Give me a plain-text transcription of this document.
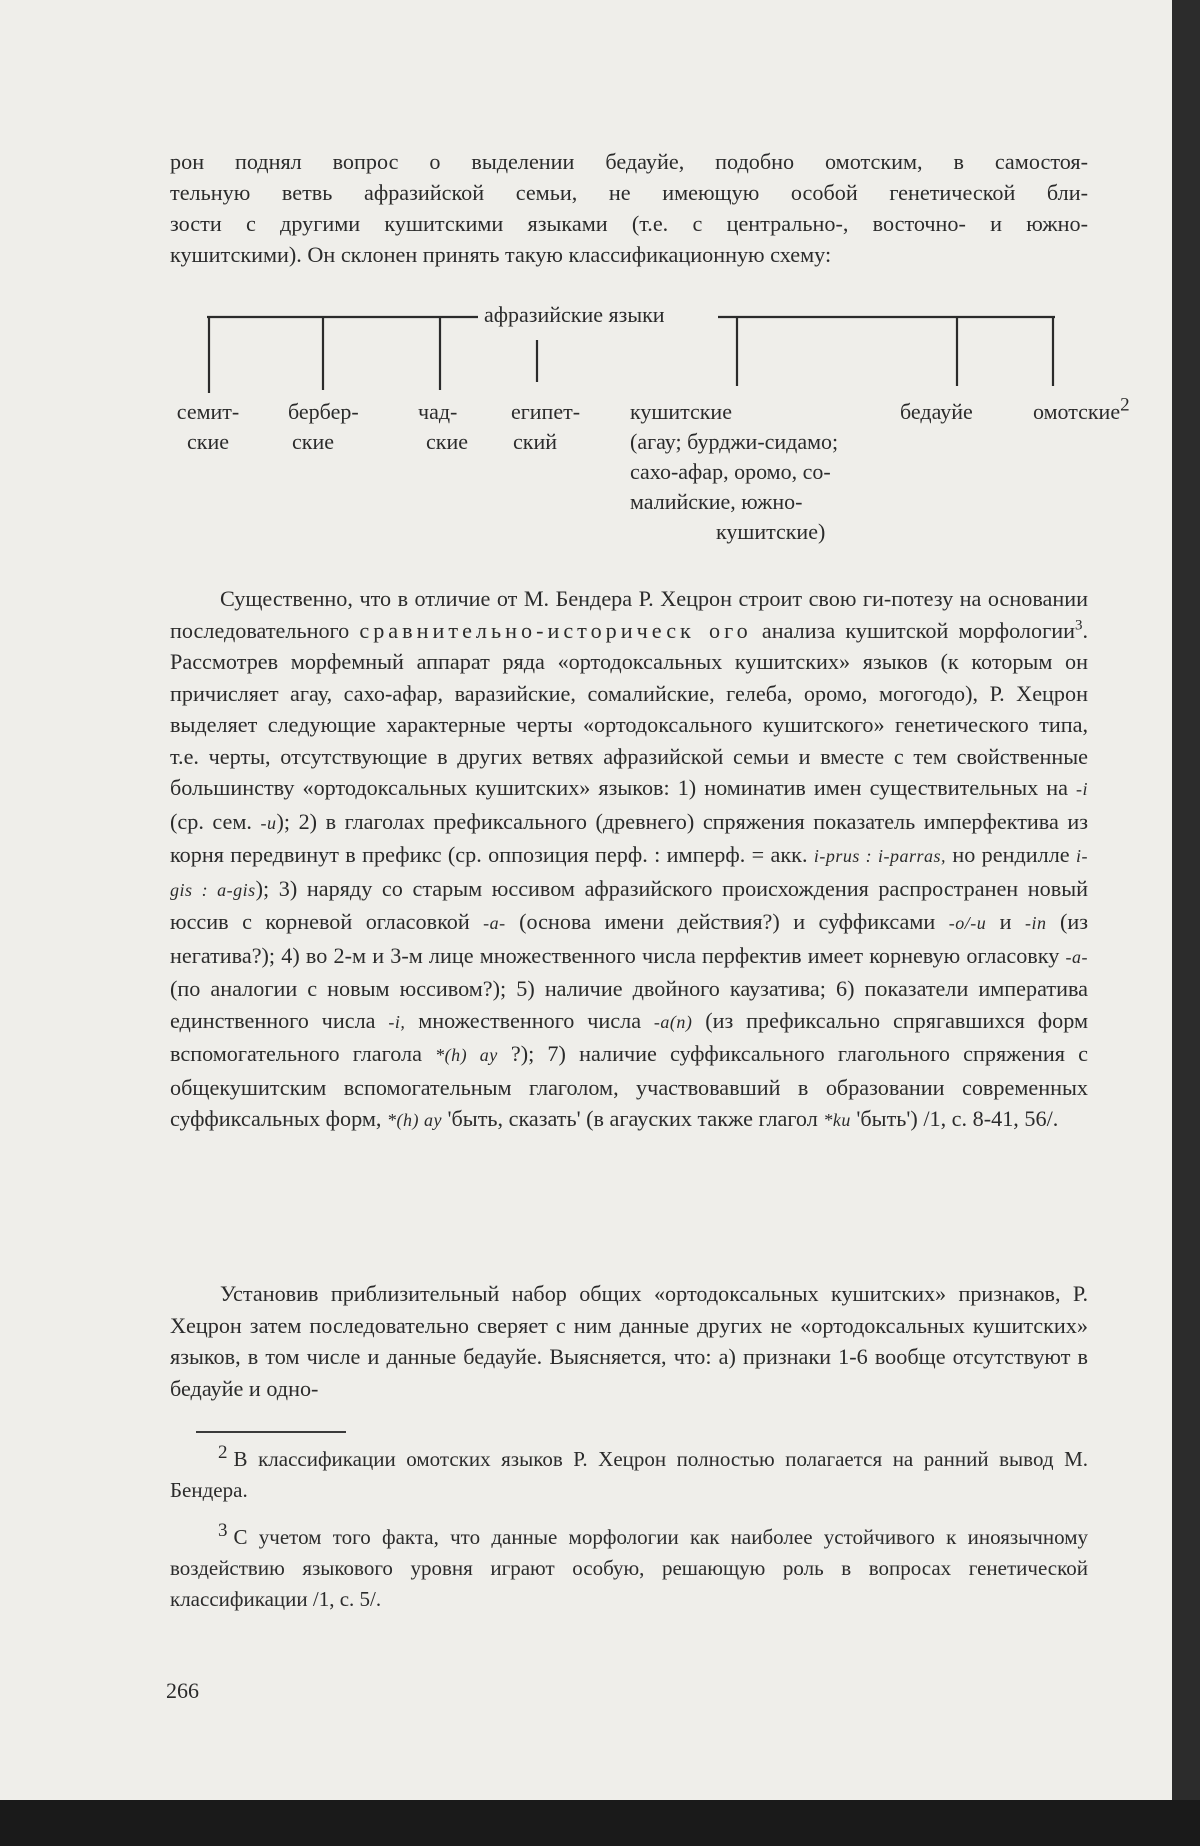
рон поднял вопрос о выделении бедауйе, подобно омотским, в самостоя-

тельную ветвь афразийской семьи, не имеющую особой генетической бли-

зости с другими кушитскими языками (т.е. с центрально-, восточно- и южно-

кушитскими). Он склонен принять такую классификационную схему:

афразийские языки
семит-
ские
бербер-
ские
чад-
ские
египет-
ский
кушитские
(агау; бурджи-сидамо;
сахо-афар, оромо, со-
малийские, южно-
кушитские)
бедауйе	омотские$^2$

Существенно, что в отличие от М. Бендера Р. Хецрон строит свою ги-потезу на основании последовательного сравнительно-историческ ого анализа кушитской морфологии$^3$. Рассмотрев морфемный аппарат ряда «ортодоксальных кушитских» языков (к которым он причисляет агау, сахо-афар, варазийские, сомалийские, гелеба, оромо, могогодо), Р. Хецрон выделяет следующие характерные черты «ортодоксального кушитского» генетического типа, т.е. черты, отсутствующие в других ветвях афразийской семьи и вместе с тем свойственные большинству «ортодоксальных кушитских» языков: 1) номинатив имен существительных на -i (ср. сем. -u); 2) в глаголах префиксального (древнего) спряжения показатель имперфектива из корня передвинут в префикс (ср. оппозиция перф. : имперф. = акк. i-prus : i-parras, но рендилле i-gis : a-gis); 3) наряду со старым юссивом афразийского происхождения распространен новый юссив с корневой огласовкой -a- (основа имени действия?) и суффиксами -o/-u и -in (из негатива?); 4) во 2-м и 3-м лице множественного числа перфектив имеет корневую огласовку -a- (по аналогии с новым юссивом?); 5) наличие двойного каузатива; 6) показатели императива единственного числа -i, множественного числа -a(n) (из префиксально спрягавшихся форм вспомогательного глагола *(h) ay ?); 7) наличие суффиксального глагольного спряжения с общекушитским вспомогательным глаголом, участвовавший в образовании современных суффиксальных форм, *(h) ay 'быть, сказать' (в агауских также глагол *ku 'быть') /1, с. 8-41, 56/.

Установив приблизительный набор общих «ортодоксальных кушитских» признаков, Р. Хецрон затем последовательно сверяет с ним данные других не «ортодоксальных кушитских» языков, в том числе и данные бедауйе. Выясняется, что: а) признаки 1-6 вообще отсутствуют в бедауйе и одно-

2 В классификации омотских языков Р. Хецрон полностью полагается на ранний вывод М. Бендера.

3 С учетом того факта, что данные морфологии как наиболее устойчивого к иноязычному воздействию языкового уровня играют особую, решающую роль в вопросах генетической классификации /1, с. 5/.

266
